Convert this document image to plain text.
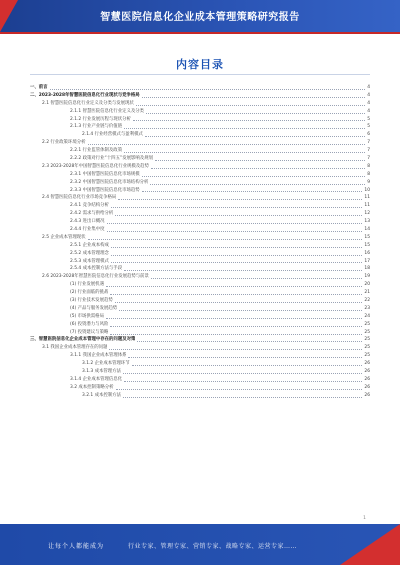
智慧医院信息化企业成本管理策略研究报告
内容目录
一、前言	4
二、2023-2028年智慧医院信息化行业现状与竞争格局	4
2.1 智慧医院信息化行业定义及分类与发展现状	4
2.1.1 智慧医院信息化行业定义及分类	4
2.1.2 行业发展历程与现状分析	5
2.1.3 行业产业链与价值链	5
2.1.4 行业经营模式与盈利模式	6
2.2 行业政策环境分析	7
2.2.1 行业监管体制及政策	7
2.2.2 政策对行业“十四五”发展影响及规划	7
2.3 2023-2028年中国智慧医院信息化行业规模及趋势	8
2.3.1 中国智慧医院信息化市场规模	8
2.3.2 中国智慧医院信息化市场结构分析	9
2.3.3 中国智慧医院信息化市场趋势	10
2.4 智慧医院信息化行业市场竞争格局	11
2.4.1 竞争结构分析	11
2.4.2 需求与供给分析	12
2.4.3 进出口概况	13
2.4.4 行业集中度	14
2.5 企业成本管理现状	15
2.5.1 企业成本构成	15
2.5.2 成本管理理念	16
2.5.3 成本管理模式	17
2.5.4 成本控制方法与手段	18
2.6 2023-2028年智慧医院信息化行业发展趋势与前景	19
(1) 行业发展机遇	20
(2) 行业面临的挑战	21
(3) 行业技术发展趋势	22
(4) 产品与服务发展趋势	23
(5) 市场供需格局	24
(6) 投资潜力与风险	25
(7) 投资建议与策略	25
三、智慧医院信息化企业成本管理中存在的问题及对策	25
3.1 我国企业成本管理存在的问题	25
3.1.1 我国企业成本管理体系	25
3.1.2 企业成本管理环节	26
3.1.3 成本管理方法	26
3.1.4 企业成本管理信息化	26
3.2 成本控制策略分析	26
3.2.1 成本控制方法	26
1
让每个人都能成为	行业专家、管理专家、营销专家、战略专家、运营专家……
